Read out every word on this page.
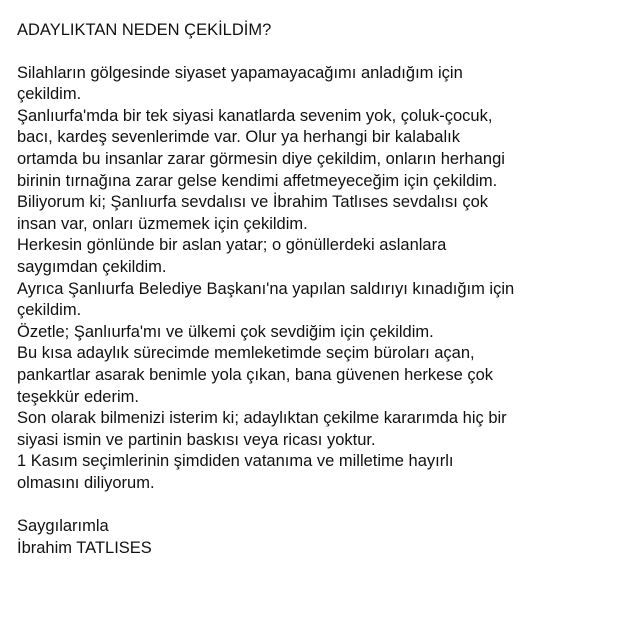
ADAYLIKTAN NEDEN ÇEKİLDİM?
Silahların gölgesinde siyaset yapamayacağımı anladığım için
çekildim.
Şanlıurfa'mda bir tek siyasi kanatlarda sevenim yok, çoluk-çocuk,
bacı, kardeş sevenlerimde var. Olur ya herhangi bir kalabalık
ortamda bu insanlar zarar görmesin diye çekildim, onların herhangi
birinin tırnağına zarar gelse kendimi affetmeyeceğim için çekildim.
Biliyorum ki; Şanlıurfa sevdalısı ve İbrahim Tatlıses sevdalısı çok
insan var, onları üzmemek için çekildim.
Herkesin gönlünde bir aslan yatar; o gönüllerdeki aslanlara
saygımdan çekildim.
Ayrıca Şanlıurfa Belediye Başkanı'na yapılan saldırıyı kınadığım için
çekildim.
Özetle; Şanlıurfa'mı ve ülkemi çok sevdiğim için çekildim.
Bu kısa adaylık sürecimde memleketimde seçim büroları açan,
pankartlar asarak benimle yola çıkan, bana güvenen herkese çok
teşekkür ederim.
Son olarak bilmenizi isterim ki; adaylıktan çekilme kararımda hiç bir
siyasi ismin ve partinin baskısı veya ricası yoktur.
1 Kasım seçimlerinin şimdiden vatanıma ve milletime hayırlı
olmasını diliyorum.
Saygılarımla
İbrahim TATLISES
